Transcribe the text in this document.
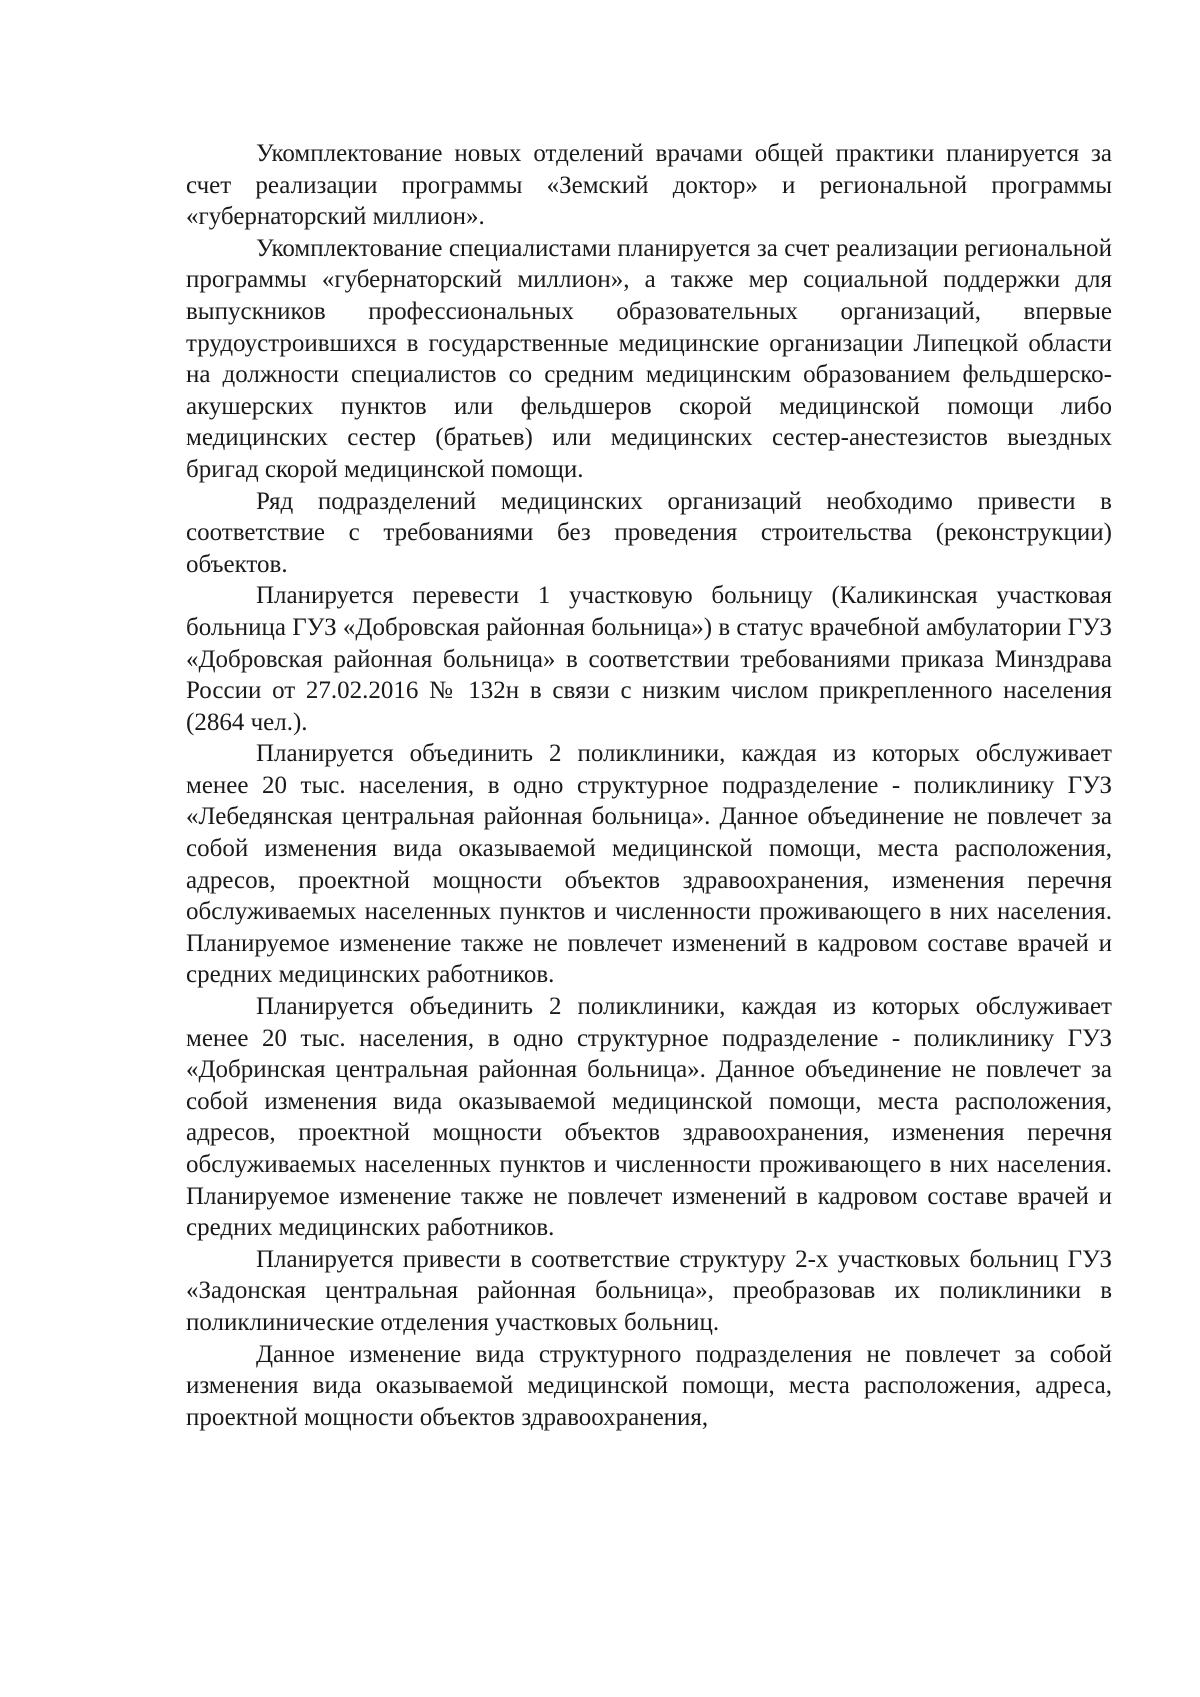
Укомплектование новых отделений врачами общей практики планируется за счет реализации программы «Земский доктор» и региональной программы «губернаторский миллион».

Укомплектование специалистами планируется за счет реализации региональной программы «губернаторский миллион», а также мер социальной поддержки для выпускников профессиональных образовательных организаций, впервые трудоустроившихся в государственные медицинские организации Липецкой области на должности специалистов со средним медицинским образованием фельдшерско-акушерских пунктов или фельдшеров скорой медицинской помощи либо медицинских сестер (братьев) или медицинских сестер-анестезистов выездных бригад скорой медицинской помощи.

Ряд подразделений медицинских организаций необходимо привести в соответствие с требованиями без проведения строительства (реконструкции) объектов.

Планируется перевести 1 участковую больницу (Каликинская участковая больница ГУЗ «Добровская районная больница») в статус врачебной амбулатории ГУЗ «Добровская районная больница» в соответствии требованиями приказа Минздрава России от 27.02.2016 № 132н в связи с низким числом прикрепленного населения (2864 чел.).

Планируется объединить 2 поликлиники, каждая из которых обслуживает менее 20 тыс. населения, в одно структурное подразделение - поликлинику ГУЗ «Лебедянская центральная районная больница». Данное объединение не повлечет за собой изменения вида оказываемой медицинской помощи, места расположения, адресов, проектной мощности объектов здравоохранения, изменения перечня обслуживаемых населенных пунктов и численности проживающего в них населения. Планируемое изменение также не повлечет изменений в кадровом составе врачей и средних медицинских работников.

Планируется объединить 2 поликлиники, каждая из которых обслуживает менее 20 тыс. населения, в одно структурное подразделение - поликлинику ГУЗ «Добринская центральная районная больница». Данное объединение не повлечет за собой изменения вида оказываемой медицинской помощи, места расположения, адресов, проектной мощности объектов здравоохранения, изменения перечня обслуживаемых населенных пунктов и численности проживающего в них населения. Планируемое изменение также не повлечет изменений в кадровом составе врачей и средних медицинских работников.

Планируется привести в соответствие структуру 2-х участковых больниц ГУЗ «Задонская центральная районная больница», преобразовав их поликлиники в поликлинические отделения участковых больниц.

Данное изменение вида структурного подразделения не повлечет за собой изменения вида оказываемой медицинской помощи, места расположения, адреса, проектной мощности объектов здравоохранения,
